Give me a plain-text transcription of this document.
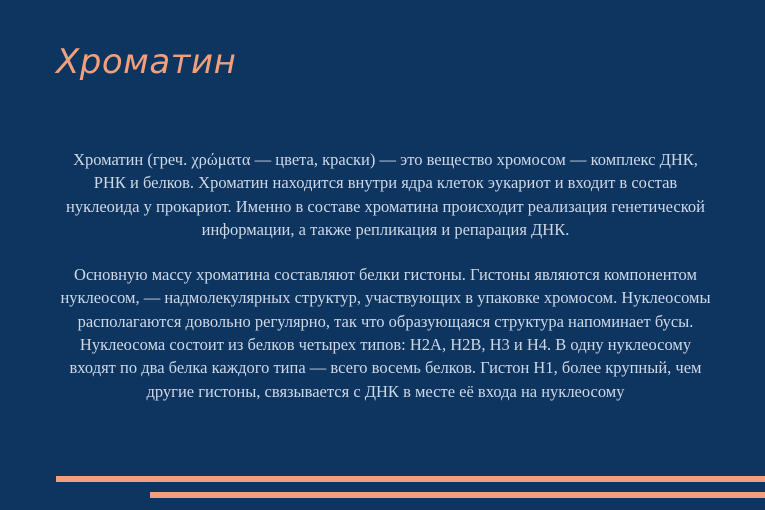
Хроматин

Хроматин (греч. χρώματα — цвета, краски) — это вещество хромосом — комплекс ДНК, РНК и белков. Хроматин находится внутри ядра клеток эукариот и входит в состав нуклеоида у прокариот. Именно в составе хроматина происходит реализация генетической информации, а также репликация и репарация ДНК.

Основную массу хроматина составляют белки гистоны. Гистоны являются компонентом нуклеосом, — надмолекулярных структур, участвующих в упаковке хромосом. Нуклеосомы располагаются довольно регулярно, так что образующаяся структура напоминает бусы. Нуклеосома состоит из белков четырех типов: H2A, H2B, H3 и H4. В одну нуклеосому входят по два белка каждого типа — всего восемь белков. Гистон H1, более крупный, чем другие гистоны, связывается с ДНК в месте её входа на нуклеосому
